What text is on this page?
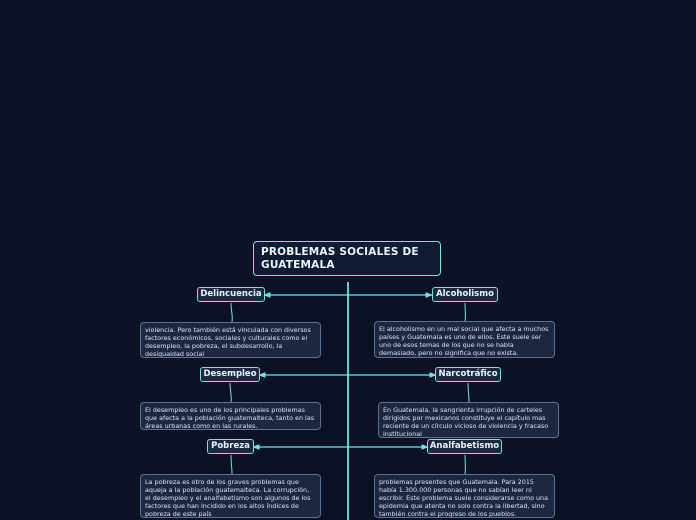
PROBLEMAS SOCIALES DE GUATEMALA
Delincuencia
violencia. Pero también está vinculada con diversos factores económicos, sociales y culturales como el desempleo, la pobreza, el subdesarrollo, la desigualdad social
Alcoholismo
El alcoholismo en un mal social que afecta a muchos países y Guatemala es uno de ellos. Este suele ser uno de esos temas de los que no se habla demasiado, pero no significa que no exista.
Desempleo
El desempleo es uno de los principales problemas que afecta a la población guatemalteca, tanto en las áreas urbanas como en las rurales.
Narcotráfico
En Guatemala, la sangrienta irrupción de carteles dirigidos por mexicanos constituye el capítulo mas reciente de un círculo vicioso de violencia y fracaso institucional
Pobreza
La pobreza es otro de los graves problemas que aqueja a la población guatemalteca. La corrupción, el desempleo y el analfabetismo son algunos de los factores que han incidido en los altos índices de pobreza de este país
Analfabetismo
problemas presentes que Guatemala. Para 2015 había 1.300.000 personas que no sabían leer ni escribir. Este problema suele considerarse como una epidemia que atenta no solo contra la libertad, sino también contra el progreso de los pueblos.
